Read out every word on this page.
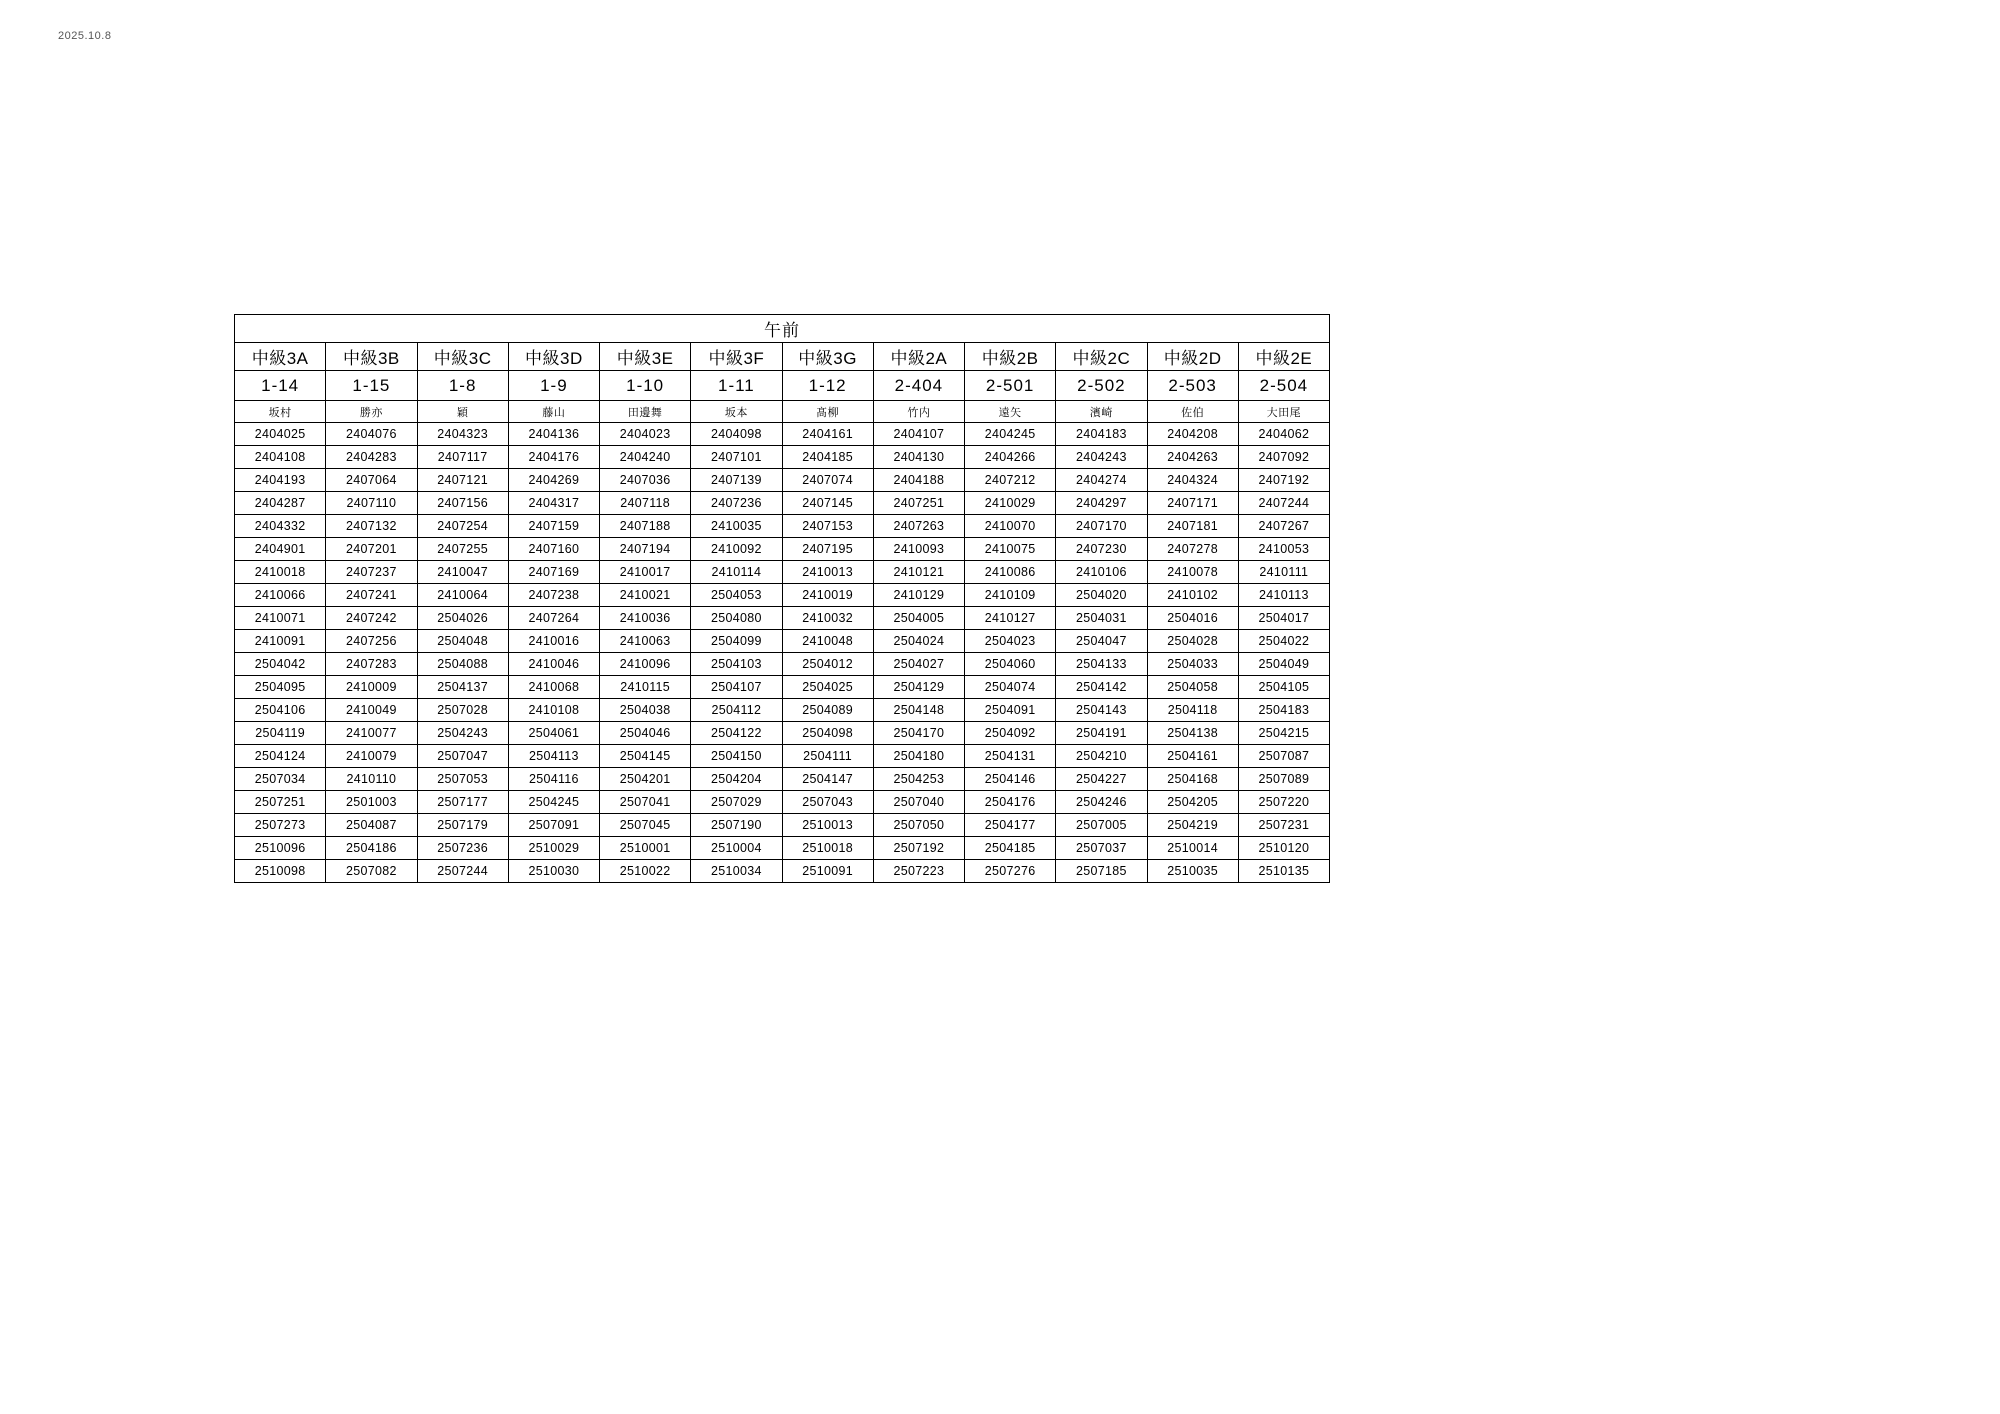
2025.10.8
午前											
中級3A	中級3B	中級3C	中級3D	中級3E	中級3F	中級3G	中級2A	中級2B	中級2C	中級2D	中級2E
1-14	1-15	1-8	1-9	1-10	1-11	1-12	2-404	2-501	2-502	2-503	2-504
坂村	勝亦	穎	藤山	田邊舞	坂本	髙柳	竹内	遠矢	濱崎	佐伯	大田尾
2404025	2404076	2404323	2404136	2404023	2404098	2404161	2404107	2404245	2404183	2404208	2404062
2404108	2404283	2407117	2404176	2404240	2407101	2404185	2404130	2404266	2404243	2404263	2407092
2404193	2407064	2407121	2404269	2407036	2407139	2407074	2404188	2407212	2404274	2404324	2407192
2404287	2407110	2407156	2404317	2407118	2407236	2407145	2407251	2410029	2404297	2407171	2407244
2404332	2407132	2407254	2407159	2407188	2410035	2407153	2407263	2410070	2407170	2407181	2407267
2404901	2407201	2407255	2407160	2407194	2410092	2407195	2410093	2410075	2407230	2407278	2410053
2410018	2407237	2410047	2407169	2410017	2410114	2410013	2410121	2410086	2410106	2410078	2410111
2410066	2407241	2410064	2407238	2410021	2504053	2410019	2410129	2410109	2504020	2410102	2410113
2410071	2407242	2504026	2407264	2410036	2504080	2410032	2504005	2410127	2504031	2504016	2504017
2410091	2407256	2504048	2410016	2410063	2504099	2410048	2504024	2504023	2504047	2504028	2504022
2504042	2407283	2504088	2410046	2410096	2504103	2504012	2504027	2504060	2504133	2504033	2504049
2504095	2410009	2504137	2410068	2410115	2504107	2504025	2504129	2504074	2504142	2504058	2504105
2504106	2410049	2507028	2410108	2504038	2504112	2504089	2504148	2504091	2504143	2504118	2504183
2504119	2410077	2504243	2504061	2504046	2504122	2504098	2504170	2504092	2504191	2504138	2504215
2504124	2410079	2507047	2504113	2504145	2504150	2504111	2504180	2504131	2504210	2504161	2507087
2507034	2410110	2507053	2504116	2504201	2504204	2504147	2504253	2504146	2504227	2504168	2507089
2507251	2501003	2507177	2504245	2507041	2507029	2507043	2507040	2504176	2504246	2504205	2507220
2507273	2504087	2507179	2507091	2507045	2507190	2510013	2507050	2504177	2507005	2504219	2507231
2510096	2504186	2507236	2510029	2510001	2510004	2510018	2507192	2504185	2507037	2510014	2510120
2510098	2507082	2507244	2510030	2510022	2510034	2510091	2507223	2507276	2507185	2510035	2510135
